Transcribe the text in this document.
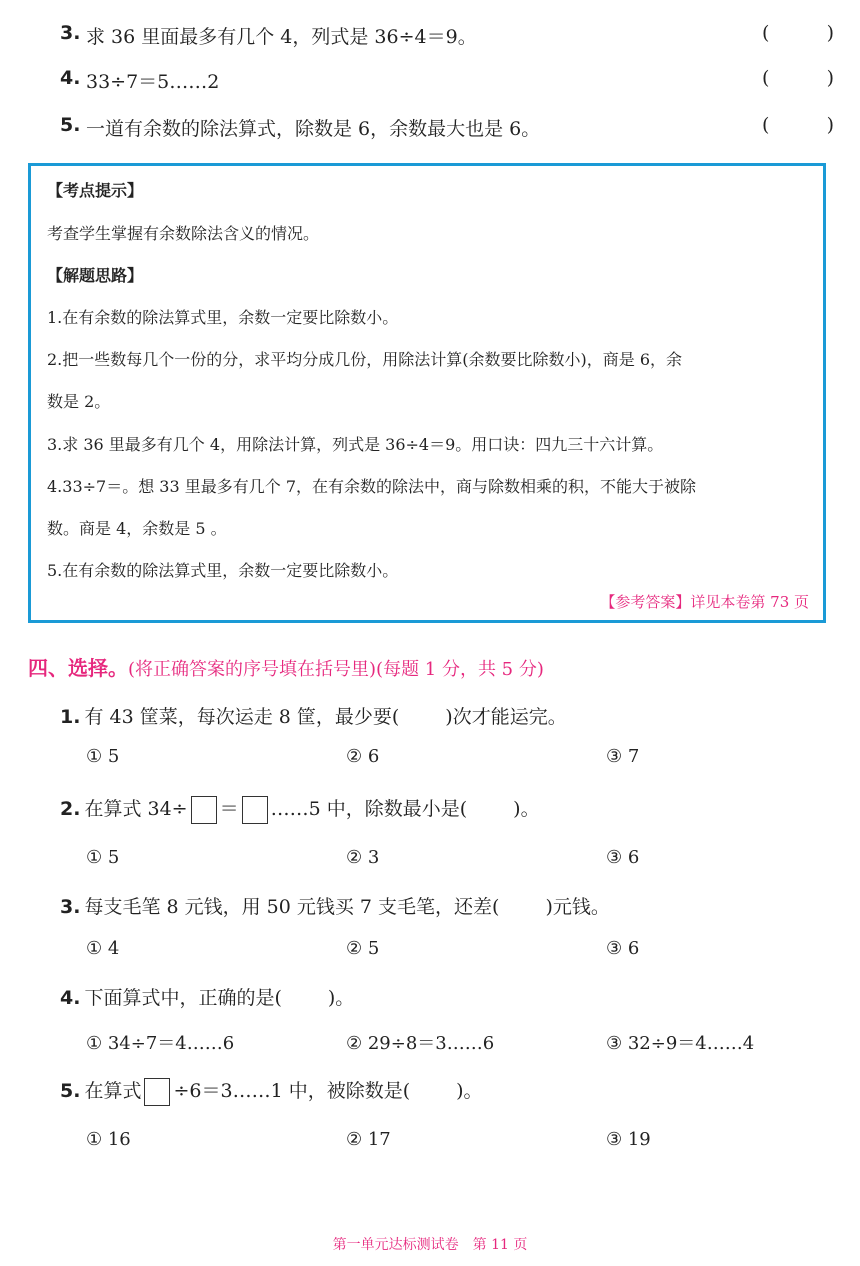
3. 求 36 里面最多有几个 4，列式是 36÷4＝9。	(	)
4. 33÷7＝5……2	(	)
5. 一道有余数的除法算式，除数是 6，余数最大也是 6。	(	)
【考点提示】
考查学生掌握有余数除法含义的情况。
【解题思路】
1.在有余数的除法算式里，余数一定要比除数小。
2.把一些数每几个一份的分，求平均分成几份，用除法计算(余数要比除数小)，商是 6，余
数是 2。
3.求 36 里最多有几个 4，用除法计算，列式是 36÷4＝9。用口诀：四九三十六计算。
4.33÷7＝。想 33 里最多有几个 7，在有余数的除法中，商与除数相乘的积，不能大于被除
数。商是 4，余数是 5 。
5.在有余数的除法算式里，余数一定要比除数小。
【参考答案】详见本卷第 73 页
四、选择。(将正确答案的序号填在括号里)(每题 1 分，共 5 分)
1. 有 43 筐菜，每次运走 8 筐，最少要( )次才能运完。
① 5	② 6	③ 7
2. 在算式 34÷ ＝ ……5 中，除数最小是( )。
① 5	② 3	③ 6
3. 每支毛笔 8 元钱，用 50 元钱买 7 支毛笔，还差( )元钱。
① 4	② 5	③ 6
4. 下面算式中，正确的是( )。
① 34÷7＝4……6	② 29÷8＝3……6	③ 32÷9＝4……4
5. 在算式 ÷6＝3……1 中，被除数是( )。
① 16	② 17	③ 19
第一单元达标测试卷　第 11 页
